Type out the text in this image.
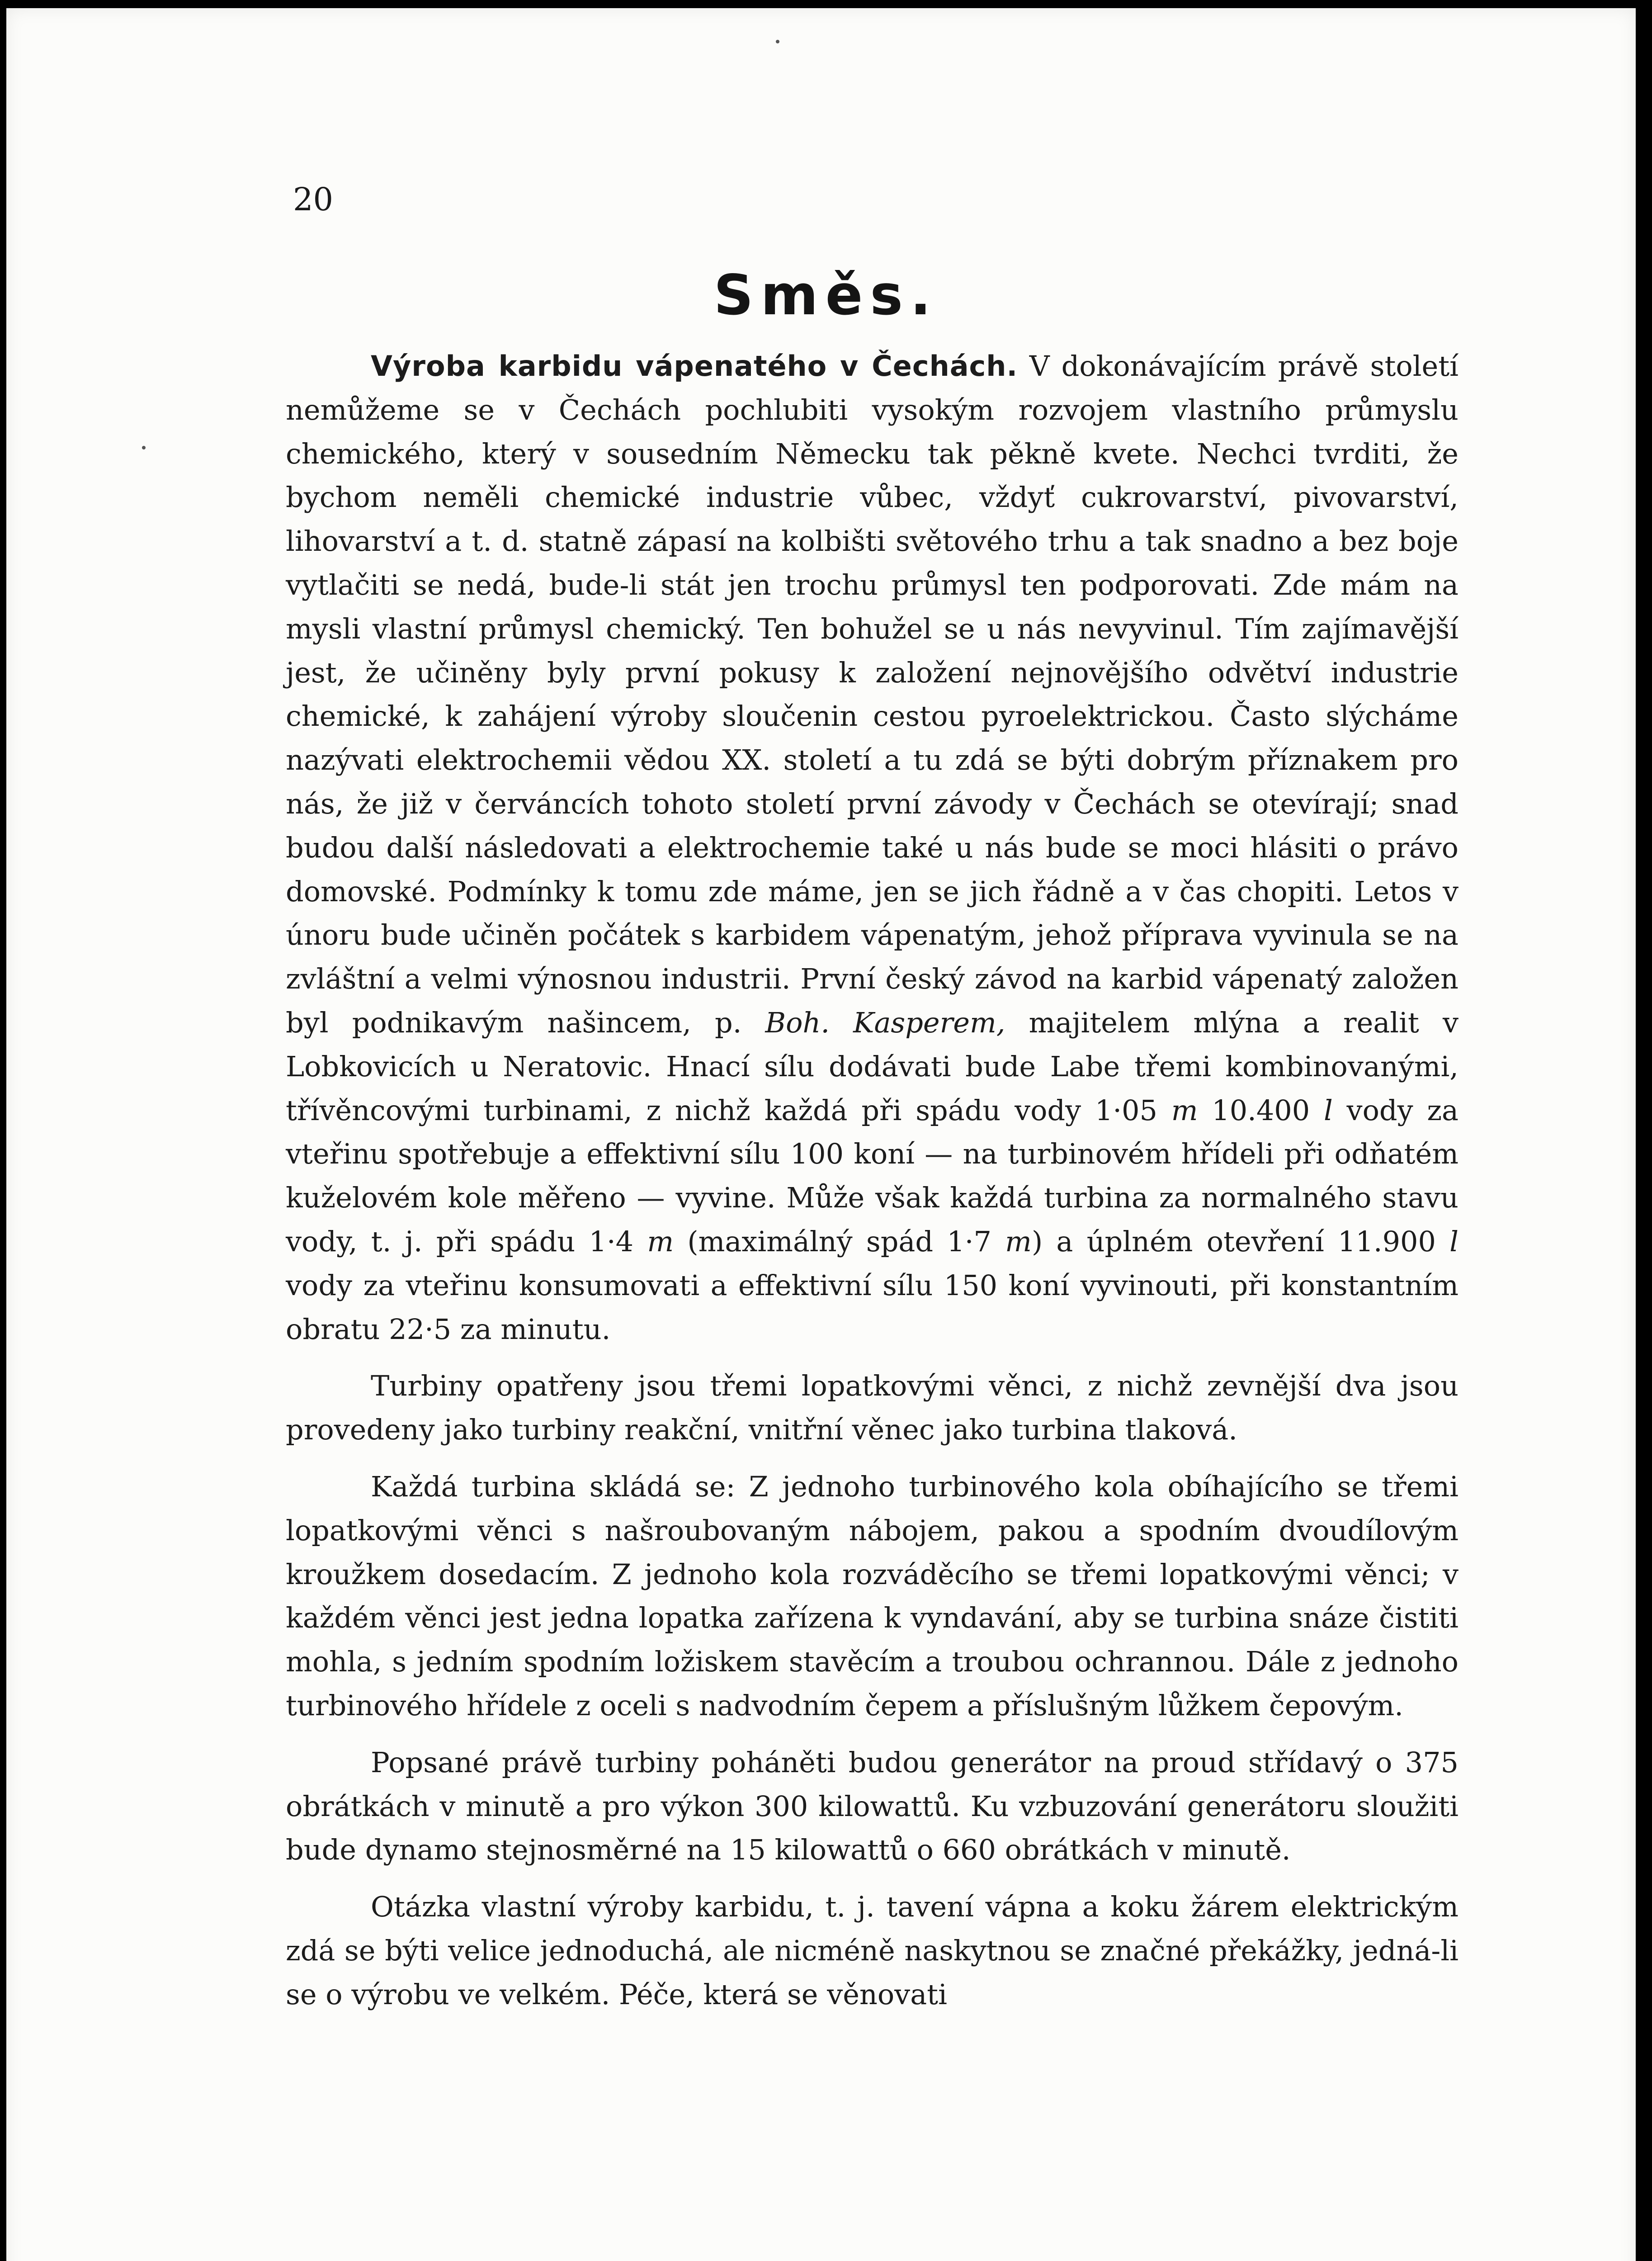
20

Směs.

Výroba karbidu vápenatého v Čechách. V dokonávajícím právě století nemůžeme se v Čechách pochlubiti vysokým rozvojem vlastního průmyslu chemického, který v sousedním Německu tak pěkně kvete. Nechci tvrditi, že bychom neměli chemické industrie vůbec, vždyť cukrovarství, pivovarství, lihovarství a t. d. statně zápasí na kolbišti světového trhu a tak snadno a bez boje vytlačiti se nedá, bude-li stát jen trochu průmysl ten podporovati. Zde mám na mysli vlastní průmysl chemický. Ten bohužel se u nás nevyvinul. Tím zajímavější jest, že učiněny byly první pokusy k založení nejnovějšího odvětví industrie chemické, k zahájení výroby sloučenin cestou pyroelektrickou. Často slýcháme nazývati elektrochemii vědou XX. století a tu zdá se býti dobrým příznakem pro nás, že již v červáncích tohoto století první závody v Čechách se otevírají; snad budou další následovati a elektrochemie také u nás bude se moci hlásiti o právo domovské. Podmínky k tomu zde máme, jen se jich řádně a v čas chopiti. Letos v únoru bude učiněn počátek s karbidem vápenatým, jehož příprava vyvinula se na zvláštní a velmi výnosnou industrii. První český závod na karbid vápenatý založen byl podnikavým našincem, p. Boh. Kasperem, majitelem mlýna a realit v Lobkovicích u Neratovic. Hnací sílu dodávati bude Labe třemi kombinovanými, třívěncovými turbinami, z nichž každá při spádu vody 1·05 m 10.400 l vody za vteřinu spotřebuje a effektivní sílu 100 koní — na turbinovém hřídeli při odňatém kuželovém kole měřeno — vyvine. Může však každá turbina za normalného stavu vody, t. j. při spádu 1·4 m (maximálný spád 1·7 m) a úplném otevření 11.900 l vody za vteřinu konsumovati a effektivní sílu 150 koní vyvinouti, při konstantním obratu 22·5 za minutu.

Turbiny opatřeny jsou třemi lopatkovými věnci, z nichž zevnější dva jsou provedeny jako turbiny reakční, vnitřní věnec jako turbina tlaková.

Každá turbina skládá se: Z jednoho turbinového kola obíhajícího se třemi lopatkovými věnci s našroubovaným nábojem, pakou a spodním dvoudílovým kroužkem dosedacím. Z jednoho kola rozváděcího se třemi lopatkovými věnci; v každém věnci jest jedna lopatka zařízena k vyndavání, aby se turbina snáze čistiti mohla, s jedním spodním ložiskem stavěcím a troubou ochrannou. Dále z jednoho turbinového hřídele z oceli s nadvodním čepem a příslušným lůžkem čepovým.

Popsané právě turbiny poháněti budou generátor na proud střídavý o 375 obrátkách v minutě a pro výkon 300 kilowattů. Ku vzbuzování generátoru sloužiti bude dynamo stejnosměrné na 15 kilowattů o 660 obrátkách v minutě.

Otázka vlastní výroby karbidu, t. j. tavení vápna a koku žárem elektrickým zdá se býti velice jednoduchá, ale nicméně naskytnou se značné překážky, jedná-li se o výrobu ve velkém. Péče, která se věnovati
